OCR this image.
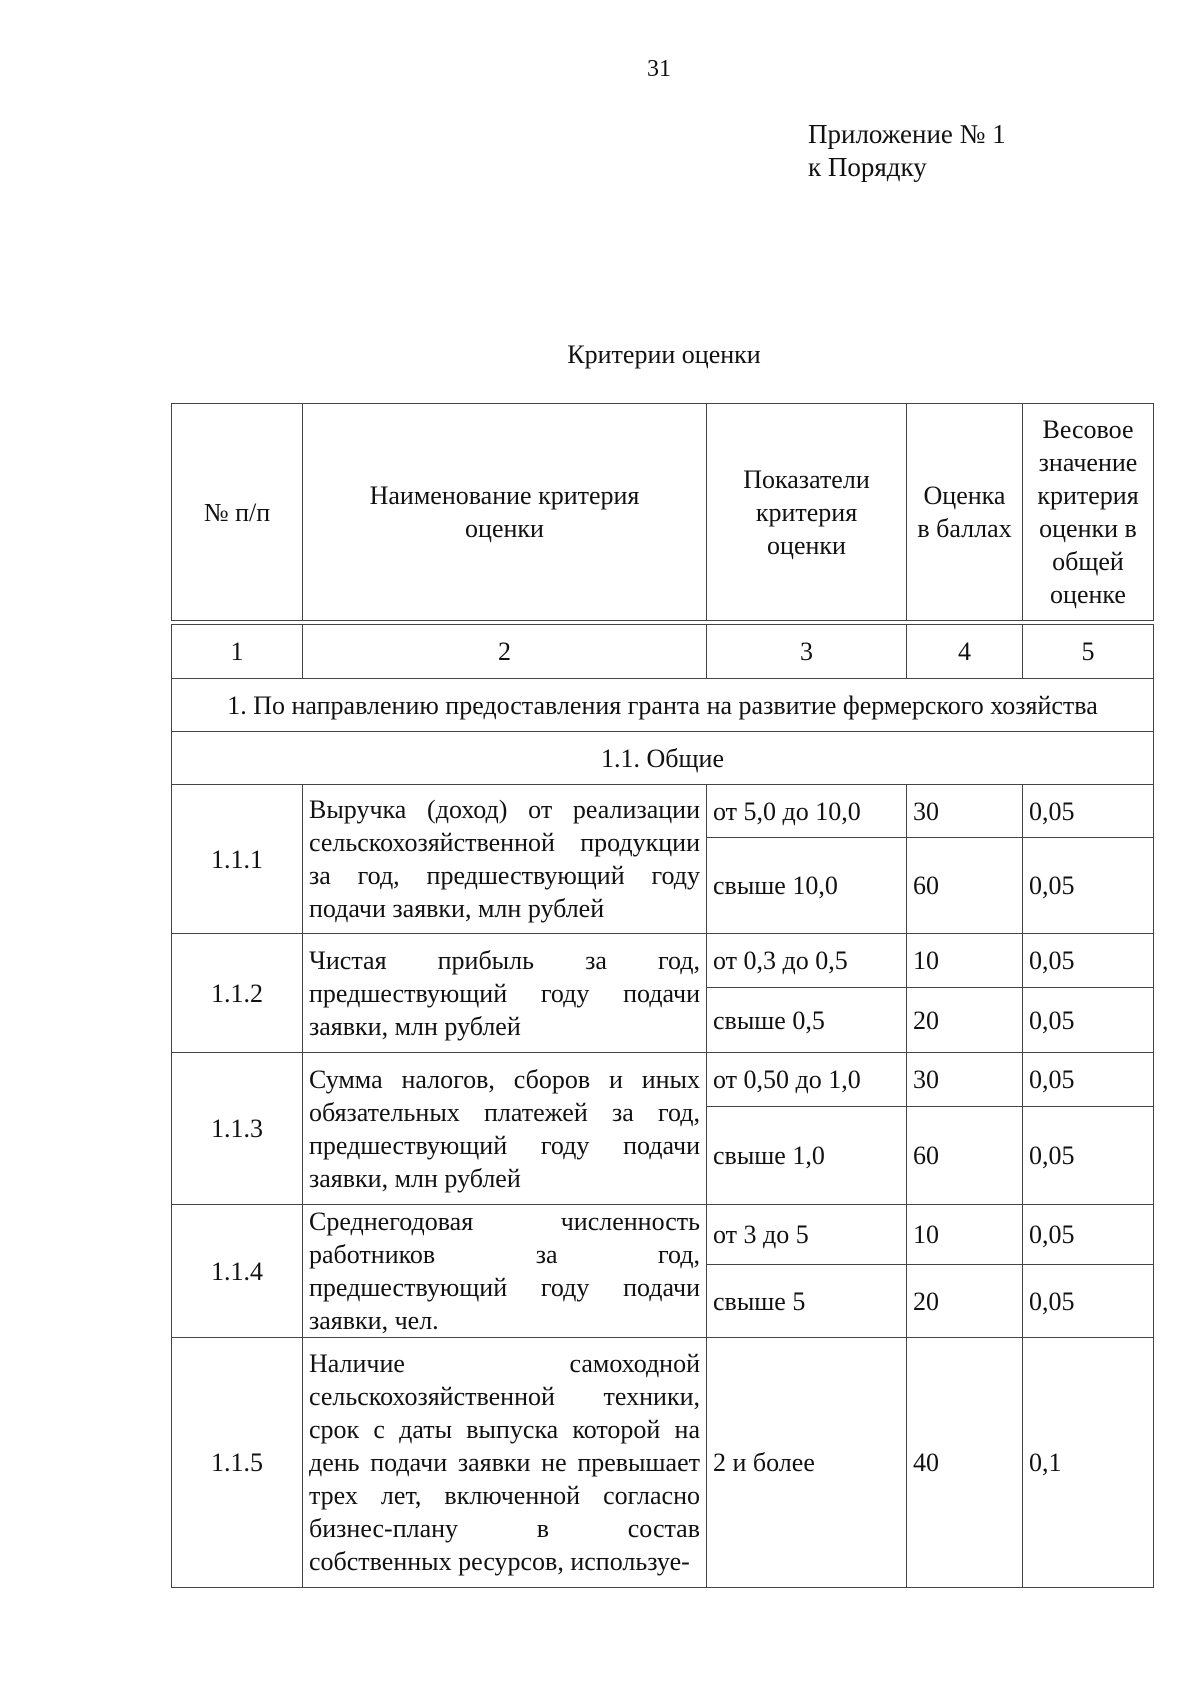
31
Приложение № 1
к Порядку
Критерии оценки
№ п/п	Наименование критерия оценки	Показатели критерия оценки	Оценка в баллах	Весовое значение критерия оценки в общей оценке

1	2	3	4	5
1. По направлению предоставления гранта на развитие фермерского хозяйства				
1.1. Общие				
1.1.1	Выручка (доход) от реализации сельскохозяйственной продукции за год, предшествующий году подачи заявки, млн рублей	от 5,0 до 10,0	30	0,05
		свыше 10,0	60	0,05
1.1.2	Чистая прибыль за год, предшествующий году подачи заявки, млн рублей	от 0,3 до 0,5	10	0,05
		свыше 0,5	20	0,05
1.1.3	Сумма налогов, сборов и иных обязательных платежей за год, предшествующий году подачи заявки, млн рублей	от 0,50 до 1,0	30	0,05
		свыше 1,0	60	0,05
1.1.4	Среднегодовая численность работников за год, предшествующий году подачи заявки, чел.	от 3 до 5	10	0,05
		свыше 5	20	0,05
1.1.5	Наличие самоходной сельскохозяйственной техники, срок с даты выпуска которой на день подачи заявки не превышает трех лет, включенной согласно бизнес-плану в состав собственных ресурсов, используе-	2 и более	40	0,1
